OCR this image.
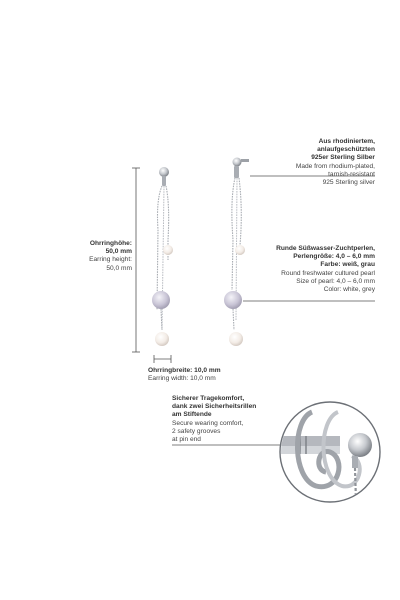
Aus rhodiniertem,
anlaufgeschützten
925er Sterling Silber
Made from rhodium-plated,
tarnish-resistant
925 Sterling silver
Ohrringhöhe:
50,0 mm
Earring height:
50,0 mm
Runde Süßwasser-Zuchtperlen,
Perlengröße: 4,0 – 6,0 mm
Farbe: weiß, grau
Round freshwater cultured pearl
Size of pearl: 4,0 – 6,0 mm
Color: white, grey
Ohrringbreite: 10,0 mm
Earring width: 10,0 mm
Sicherer Tragekomfort,
dank zwei Sicherheitsrillen
am Stiftende
Secure wearing comfort,
2 safety grooves
at pin end
